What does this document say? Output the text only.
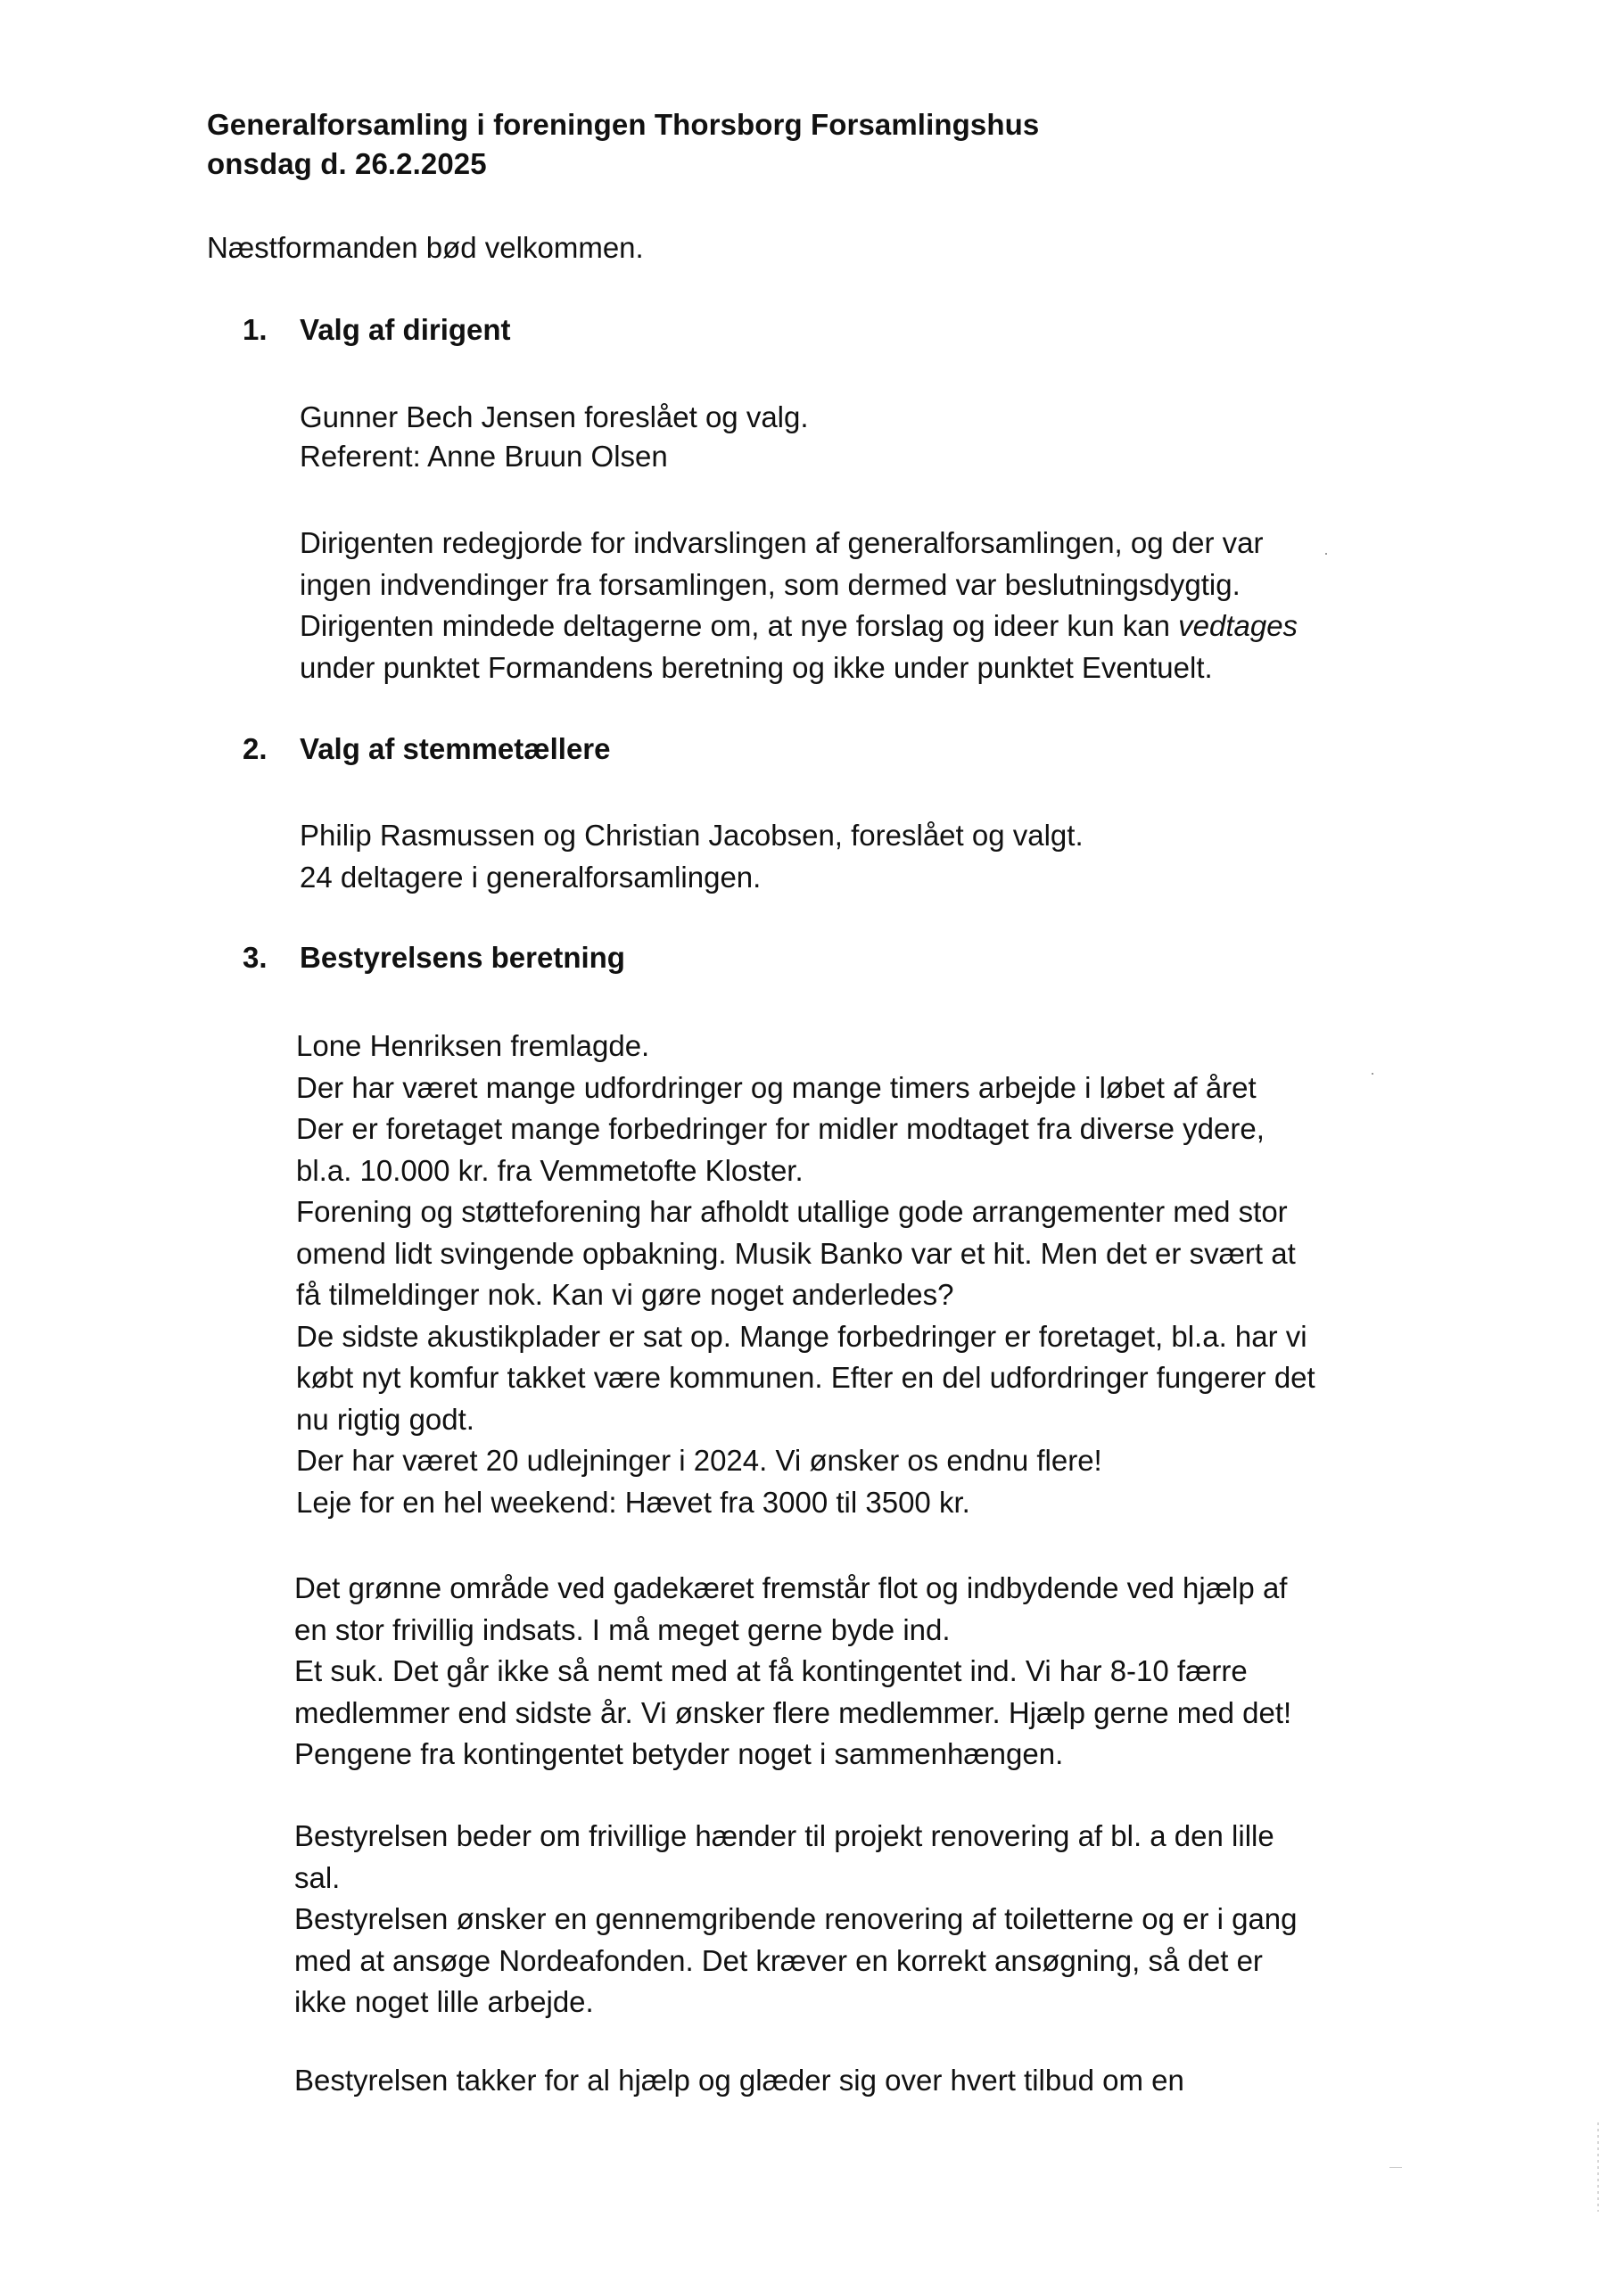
Generalforsamling i foreningen Thorsborg Forsamlingshus
onsdag d. 26.2.2025
Næstformanden bød velkommen.
1. Valg af dirigent
Gunner Bech Jensen foreslået og valg.
Referent: Anne Bruun Olsen
Dirigenten redegjorde for indvarslingen af generalforsamlingen, og der var
ingen indvendinger fra forsamlingen, som dermed var beslutningsdygtig.
Dirigenten mindede deltagerne om, at nye forslag og ideer kun kan vedtages
under punktet Formandens beretning og ikke under punktet Eventuelt.
2. Valg af stemmetællere
Philip Rasmussen og Christian Jacobsen, foreslået og valgt.
24 deltagere i generalforsamlingen.
3. Bestyrelsens beretning
Lone Henriksen fremlagde.
Der har været mange udfordringer og mange timers arbejde i løbet af året
Der er foretaget mange forbedringer for midler modtaget fra diverse ydere,
bl.a. 10.000 kr. fra Vemmetofte Kloster.
Forening og støtteforening har afholdt utallige gode arrangementer med stor
omend lidt svingende opbakning. Musik Banko var et hit. Men det er svært at
få tilmeldinger nok. Kan vi gøre noget anderledes?
De sidste akustikplader er sat op. Mange forbedringer er foretaget, bl.a. har vi
købt nyt komfur takket være kommunen. Efter en del udfordringer fungerer det
nu rigtig godt.
Der har været 20 udlejninger i 2024. Vi ønsker os endnu flere!
Leje for en hel weekend: Hævet fra 3000 til 3500 kr.
Det grønne område ved gadekæret fremstår flot og indbydende ved hjælp af
en stor frivillig indsats. I må meget gerne byde ind.
Et suk. Det går ikke så nemt med at få kontingentet ind. Vi har 8-10 færre
medlemmer end sidste år. Vi ønsker flere medlemmer. Hjælp gerne med det!
Pengene fra kontingentet betyder noget i sammenhængen.
Bestyrelsen beder om frivillige hænder til projekt renovering af bl. a den lille
sal.
Bestyrelsen ønsker en gennemgribende renovering af toiletterne og er i gang
med at ansøge Nordeafonden. Det kræver en korrekt ansøgning, så det er
ikke noget lille arbejde.
Bestyrelsen takker for al hjælp og glæder sig over hvert tilbud om en
